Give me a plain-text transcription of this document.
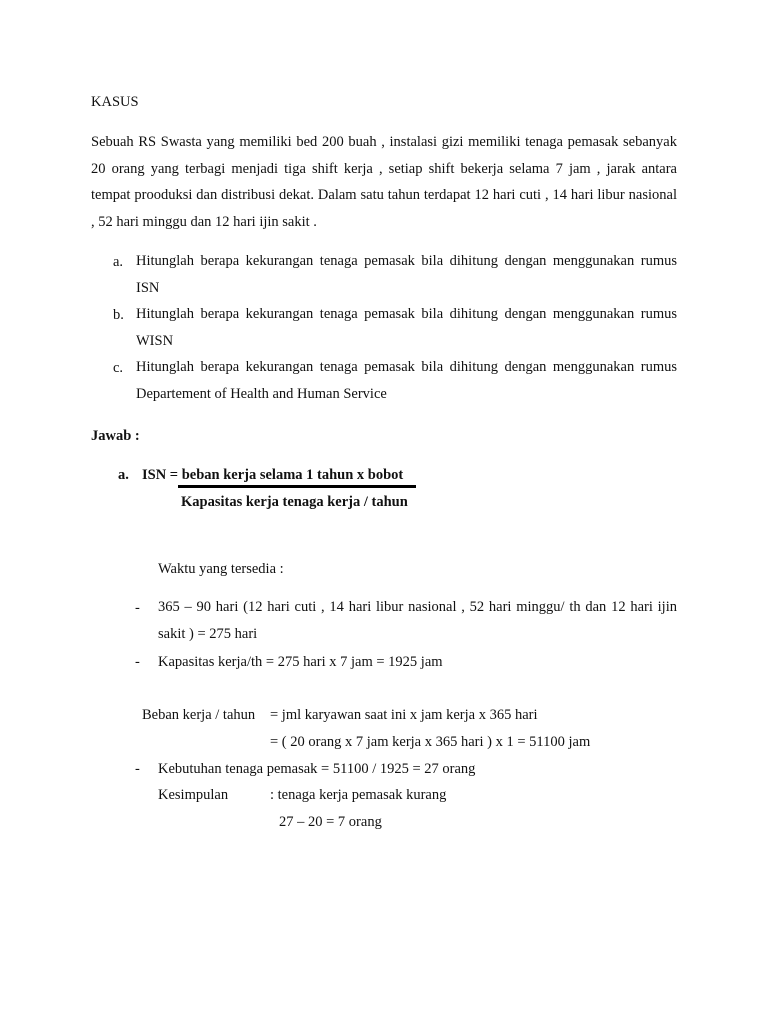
KASUS
Sebuah RS Swasta yang memiliki bed 200 buah , instalasi gizi memiliki tenaga pemasak sebanyak 20 orang yang terbagi menjadi tiga shift kerja , setiap shift bekerja selama 7 jam , jarak antara tempat prooduksi dan distribusi dekat. Dalam satu tahun terdapat 12 hari cuti , 14 hari libur nasional , 52 hari minggu dan 12 hari ijin sakit .
a. Hitunglah berapa kekurangan tenaga pemasak bila dihitung dengan menggunakan rumus ISN
b. Hitunglah berapa kekurangan tenaga pemasak bila dihitung dengan menggunakan rumus WISN
c. Hitunglah berapa kekurangan tenaga pemasak bila dihitung dengan menggunakan rumus Departement of Health and Human Service
Jawab :
a. ISN = beban kerja selama 1 tahun x bobot
Kapasitas kerja tenaga kerja / tahun
Waktu yang tersedia :
- 365 – 90 hari (12 hari cuti , 14 hari libur nasional , 52 hari minggu/ th dan 12 hari ijin sakit ) = 275 hari
- Kapasitas kerja/th = 275 hari x 7 jam = 1925 jam
Beban kerja / tahun = jml karyawan saat ini x jam kerja x 365 hari
= ( 20 orang x 7 jam kerja x 365 hari ) x 1 = 51100 jam
- Kebutuhan tenaga pemasak = 51100 / 1925 = 27 orang
Kesimpulan	: tenaga kerja pemasak kurang
27 – 20 = 7 orang
